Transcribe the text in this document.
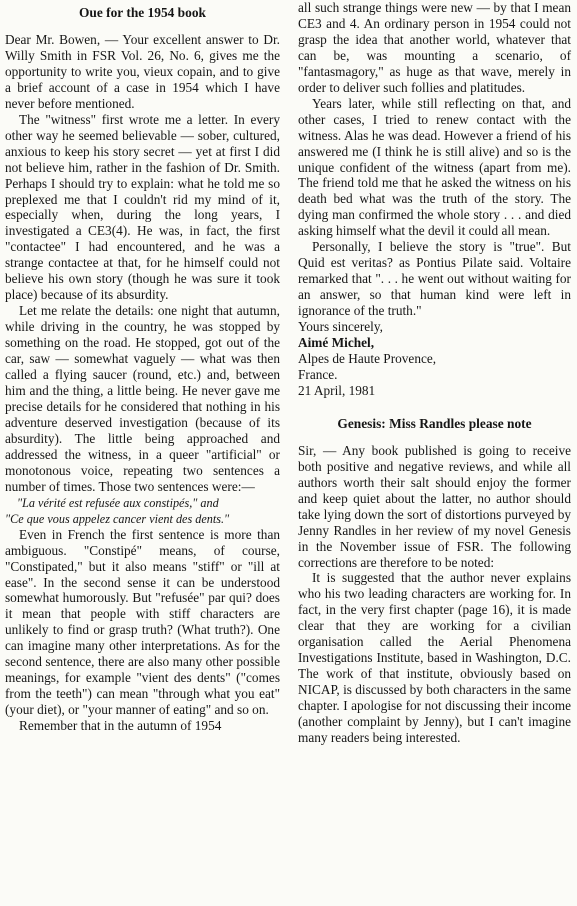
Oue for the 1954 book

Dear Mr. Bowen, — Your excellent answer to Dr. Willy Smith in FSR Vol. 26, No. 6, gives me the opportunity to write you, vieux copain, and to give a brief account of a case in 1954 which I have never before mentioned.

The "witness" first wrote me a letter. In every other way he seemed believable — sober, cultured, anxious to keep his story secret — yet at first I did not believe him, rather in the fashion of Dr. Smith. Perhaps I should try to explain: what he told me so preplexed me that I couldn't rid my mind of it, especially when, during the long years, I investigated a CE3(4). He was, in fact, the first "contactee" I had encountered, and he was a strange contactee at that, for he himself could not believe his own story (though he was sure it took place) because of its absurdity.

Let me relate the details: one night that autumn, while driving in the country, he was stopped by something on the road. He stopped, got out of the car, saw — somewhat vaguely — what was then called a flying saucer (round, etc.) and, between him and the thing, a little being. He never gave me precise details for he considered that nothing in his adventure deserved investigation (because of its absurdity). The little being approached and addressed the witness, in a queer "artificial" or monotonous voice, repeating two sentences a number of times. Those two sentences were:—

"La vérité est refusée aux constipés," and

"Ce que vous appelez cancer vient des dents."

Even in French the first sentence is more than ambiguous. "Constipé" means, of course, "Constipated," but it also means "stiff" or "ill at ease". In the second sense it can be understood somewhat humorously. But "refusée" par qui? does it mean that people with stiff characters are unlikely to find or grasp truth? (What truth?). One can imagine many other interpretations. As for the second sentence, there are also many other possible meanings, for example "vient des dents" ("comes from the teeth") can mean "through what you eat" (your diet), or "your manner of eating" and so on.

Remember that in the autumn of 1954

all such strange things were new — by that I mean CE3 and 4. An ordinary person in 1954 could not grasp the idea that another world, whatever that can be, was mounting a scenario, of "fantasmagory," as huge as that wave, merely in order to deliver such follies and platitudes.

Years later, while still reflecting on that, and other cases, I tried to renew contact with the witness. Alas he was dead. However a friend of his answered me (I think he is still alive) and so is the unique confident of the witness (apart from me). The friend told me that he asked the witness on his death bed what was the truth of the story. The dying man confirmed the whole story . . . and died asking himself what the devil it could all mean.

Personally, I believe the story is "true". But Quid est veritas? as Pontius Pilate said. Voltaire remarked that ". . . he went out without waiting for an answer, so that human kind were left in ignorance of the truth."

Yours sincerely,

Aimé Michel,

Alpes de Haute Provence,

France.

21 April, 1981

Genesis: Miss Randles please note

Sir, — Any book published is going to receive both positive and negative reviews, and while all authors worth their salt should enjoy the former and keep quiet about the latter, no author should take lying down the sort of distortions purveyed by Jenny Randles in her review of my novel Genesis in the November issue of FSR. The following corrections are therefore to be noted:

It is suggested that the author never explains who his two leading characters are working for. In fact, in the very first chapter (page 16), it is made clear that they are working for a civilian organisation called the Aerial Phenomena Investigations Institute, based in Washington, D.C. The work of that institute, obviously based on NICAP, is discussed by both characters in the same chapter. I apologise for not discussing their income (another complaint by Jenny), but I can't imagine many readers being interested.
